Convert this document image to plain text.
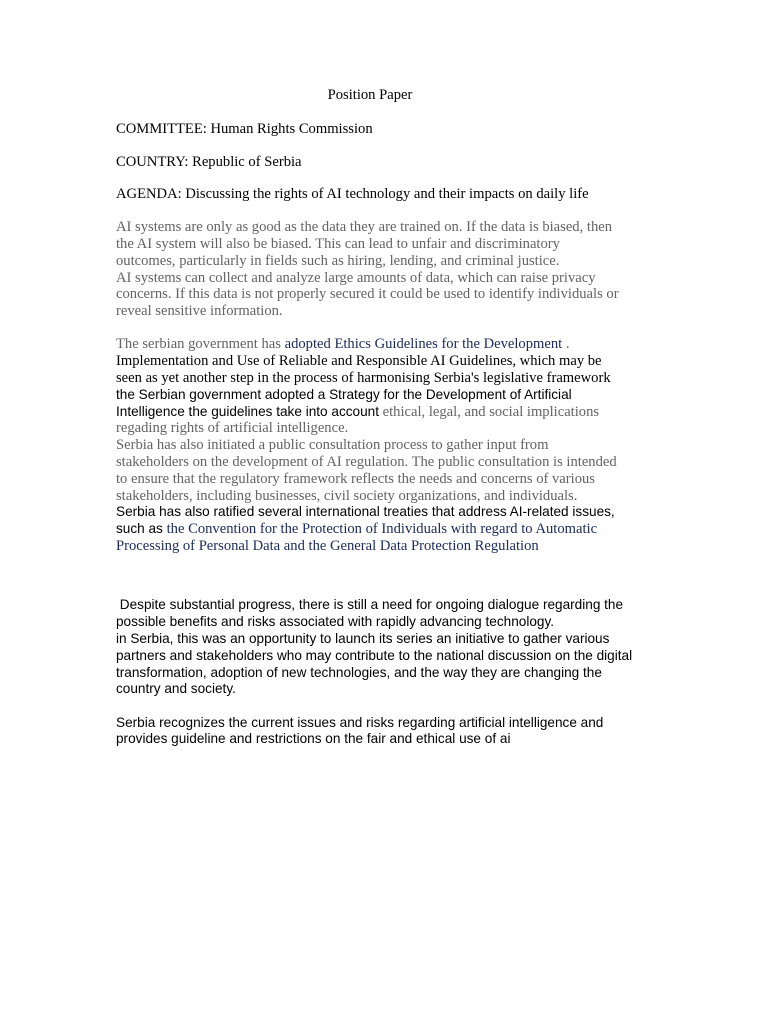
Position Paper
COMMITTEE: Human Rights Commission
COUNTRY: Republic of Serbia
AGENDA: Discussing the rights of AI technology and their impacts on daily life
AI systems are only as good as the data they are trained on. If the data is biased, then
the AI system will also be biased. This can lead to unfair and discriminatory
outcomes, particularly in fields such as hiring, lending, and criminal justice.
AI systems can collect and analyze large amounts of data, which can raise privacy
concerns. If this data is not properly secured it could be used to identify individuals or
reveal sensitive information.
The serbian government has adopted Ethics Guidelines for the Development .
Implementation and Use of Reliable and Responsible AI Guidelines, which may be
seen as yet another step in the process of harmonising Serbia's legislative framework
the Serbian government adopted a Strategy for the Development of Artificial
Intelligence the guidelines take into account ethical, legal, and social implications
regading rights of artificial intelligence.
Serbia has also initiated a public consultation process to gather input from
stakeholders on the development of AI regulation. The public consultation is intended
to ensure that the regulatory framework reflects the needs and concerns of various
stakeholders, including businesses, civil society organizations, and individuals.
Serbia has also ratified several international treaties that address AI-related issues,
such as the Convention for the Protection of Individuals with regard to Automatic
Processing of Personal Data and the General Data Protection Regulation
Despite substantial progress, there is still a need for ongoing dialogue regarding the
possible benefits and risks associated with rapidly advancing technology.
in Serbia, this was an opportunity to launch its series an initiative to gather various
partners and stakeholders who may contribute to the national discussion on the digital
transformation, adoption of new technologies, and the way they are changing the
country and society.
Serbia recognizes the current issues and risks regarding artificial intelligence and
provides guideline and restrictions on the fair and ethical use of ai
